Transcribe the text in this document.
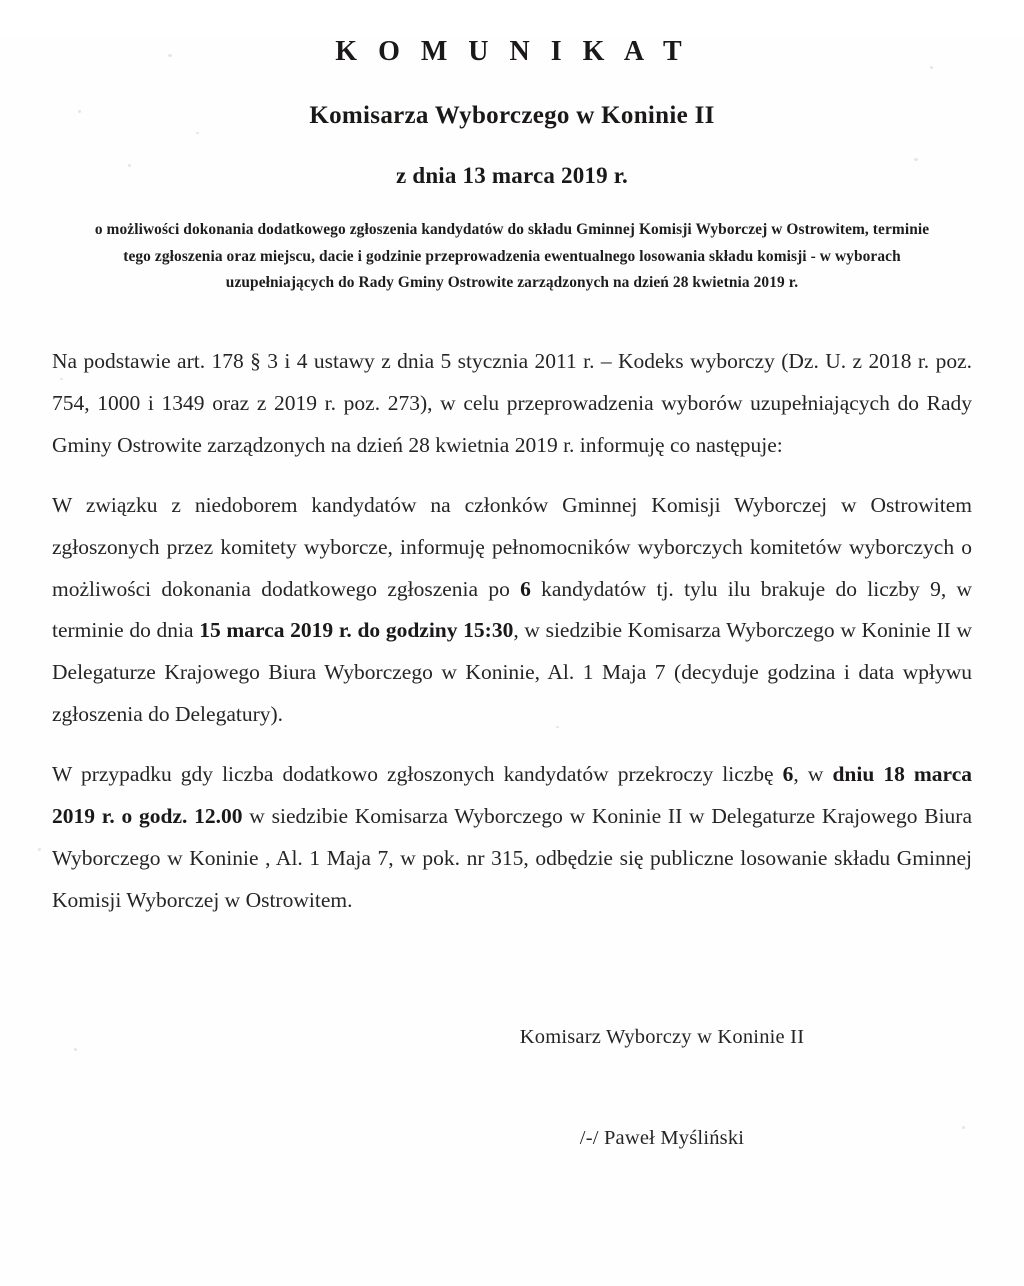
K O M U N I K A T
Komisarza Wyborczego w Koninie II
z dnia 13 marca 2019 r.
o możliwości dokonania dodatkowego zgłoszenia kandydatów do składu Gminnej Komisji Wyborczej w Ostrowitem, terminie tego zgłoszenia oraz miejscu, dacie i godzinie przeprowadzenia ewentualnego losowania składu komisji - w wyborach uzupełniających do Rady Gminy Ostrowite zarządzonych na dzień 28 kwietnia 2019 r.

Na podstawie art. 178 § 3 i 4 ustawy z dnia 5 stycznia 2011 r. – Kodeks wyborczy (Dz. U. z 2018 r. poz. 754, 1000 i 1349 oraz z 2019 r. poz. 273), w celu przeprowadzenia wyborów uzupełniających do Rady Gminy Ostrowite zarządzonych na dzień 28 kwietnia 2019 r. informuję co następuje:

W związku z niedoborem kandydatów na członków Gminnej Komisji Wyborczej w Ostrowitem zgłoszonych przez komitety wyborcze, informuję pełnomocników wyborczych komitetów wyborczych o możliwości dokonania dodatkowego zgłoszenia po 6 kandydatów tj. tylu ilu brakuje do liczby 9, w terminie do dnia 15 marca 2019 r. do godziny 15:30, w siedzibie Komisarza Wyborczego w Koninie II w Delegaturze Krajowego Biura Wyborczego w Koninie, Al. 1 Maja 7 (decyduje godzina i data wpływu zgłoszenia do Delegatury).

W przypadku gdy liczba dodatkowo zgłoszonych kandydatów przekroczy liczbę 6, w dniu 18 marca 2019 r. o godz. 12.00 w siedzibie Komisarza Wyborczego w Koninie II w Delegaturze Krajowego Biura Wyborczego w Koninie , Al. 1 Maja 7, w pok. nr 315, odbędzie się publiczne losowanie składu Gminnej Komisji Wyborczej w Ostrowitem.

Komisarz Wyborczy w Koninie II
/-/ Paweł Myśliński
